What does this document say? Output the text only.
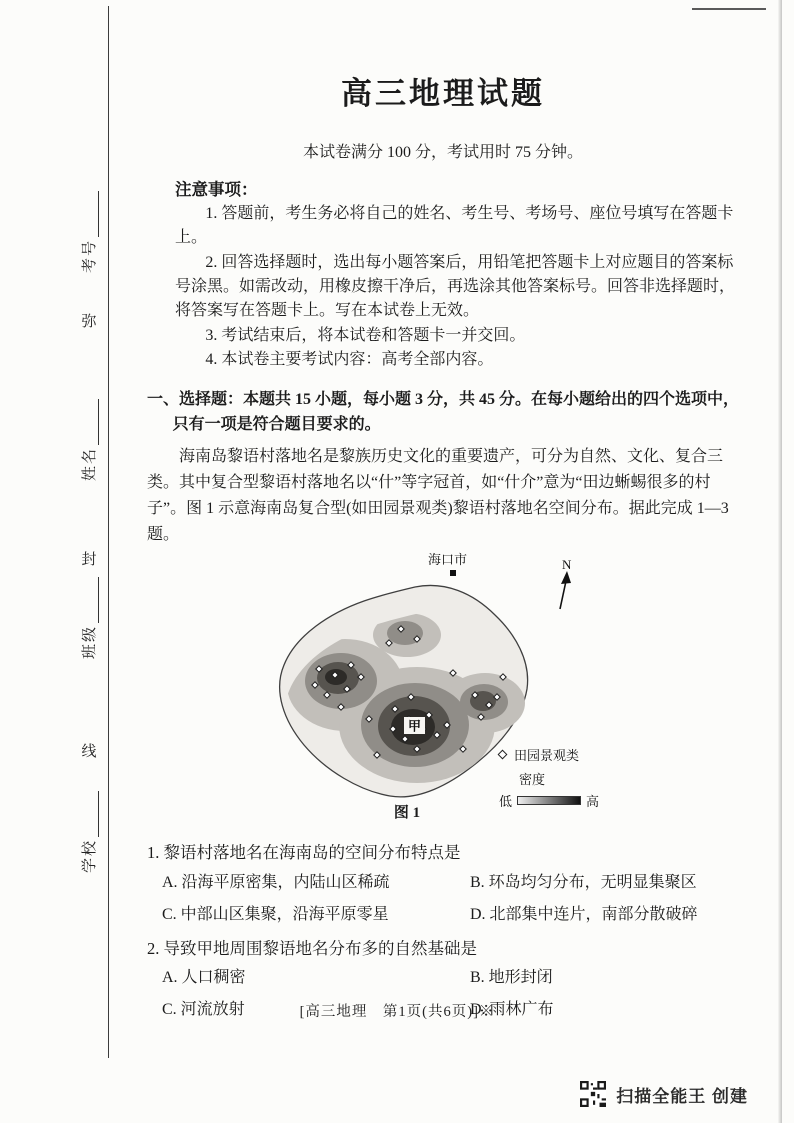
考号
弥
姓名
封
班级
线
学校
高三地理试题

本试卷满分 100 分，考试用时 75 分钟。

注意事项：

1. 答题前，考生务必将自己的姓名、考生号、考场号、座位号填写在答题卡上。

2. 回答选择题时，选出每小题答案后，用铅笔把答题卡上对应题目的答案标号涂黑。如需改动，用橡皮擦干净后，再选涂其他答案标号。回答非选择题时，将答案写在答题卡上。写在本试卷上无效。

3. 考试结束后，将本试卷和答题卡一并交回。

4. 本试卷主要考试内容：高考全部内容。

一、选择题：本题共 15 小题，每小题 3 分，共 45 分。在每小题给出的四个选项中，只有一项是符合题目要求的。

海南岛黎语村落地名是黎族历史文化的重要遗产，可分为自然、文化、复合三类。其中复合型黎语村落地名以“什”等字冠首，如“什介”意为“田边蜥蜴很多的村子”。图 1 示意海南岛复合型(如田园景观类)黎语村落地名空间分布。据此完成 1—3 题。

N
海口市
甲
田园景观类
密度
低	高
图 1

1. 黎语村落地名在海南岛的空间分布特点是

A. 沿海平原密集，内陆山区稀疏	B. 环岛均匀分布，无明显集聚区
C. 中部山区集聚，沿海平原零星	D. 北部集中连片，南部分散破碎

2. 导致甲地周围黎语地名分布多的自然基础是

A. 人口稠密	B. 地形封闭
C. 河流放射	D. 雨林广布
[高三地理　第1页(共6页)]※
扫描全能王 创建
